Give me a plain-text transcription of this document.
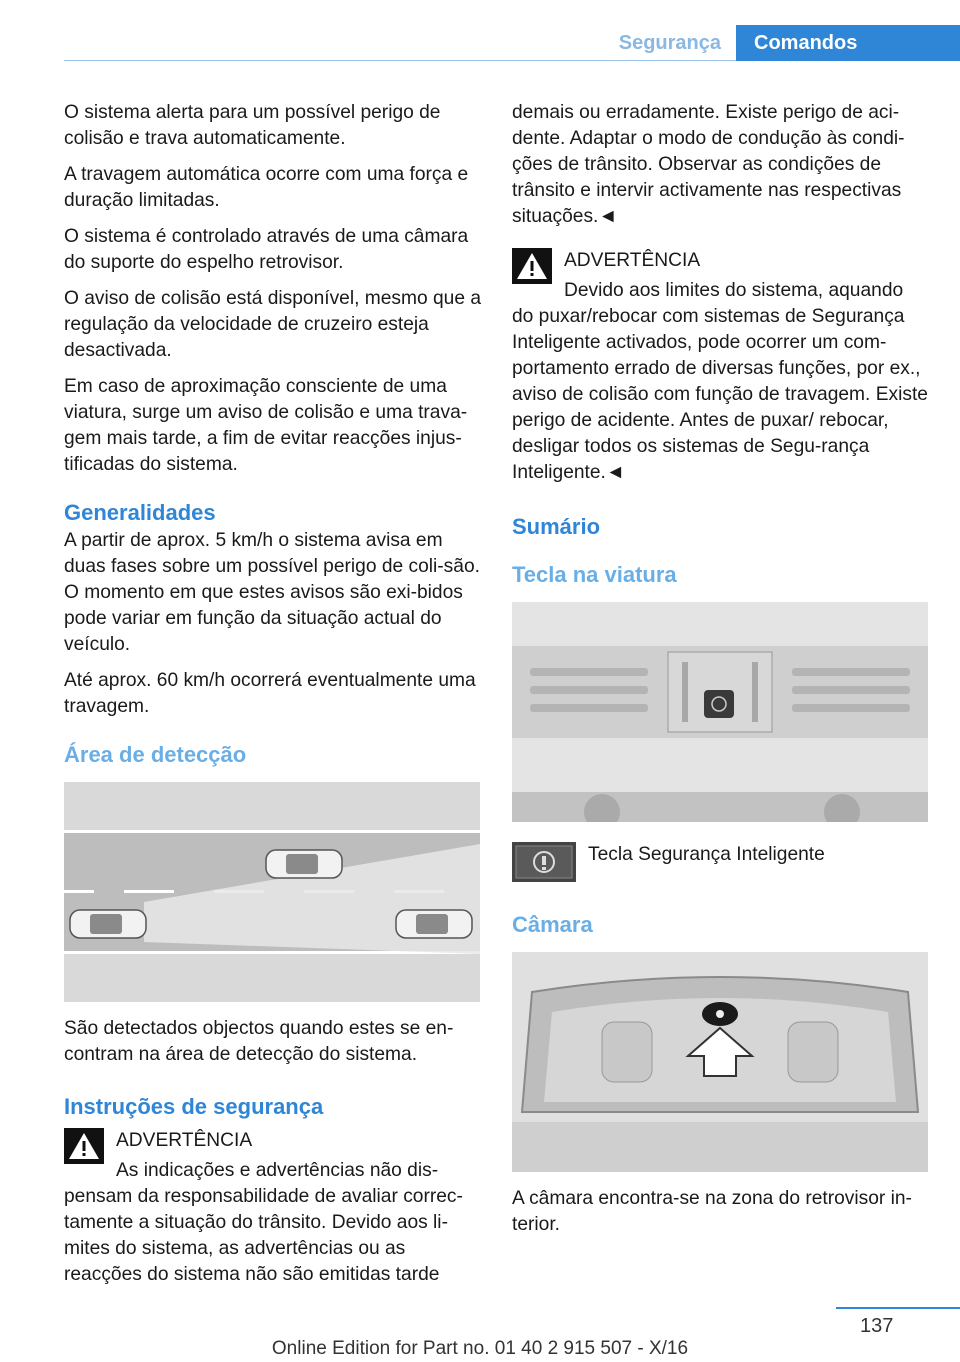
Segurança	Comandos

O sistema alerta para um possível perigo de colisão e trava automaticamente.

A travagem automática ocorre com uma força e duração limitadas.

O sistema é controlado através de uma câmara do suporte do espelho retrovisor.

O aviso de colisão está disponível, mesmo que a regulação da velocidade de cruzeiro esteja desactivada.

Em caso de aproximação consciente de uma viatura, surge um aviso de colisão e uma trava-gem mais tarde, a fim de evitar reacções injus-tificadas do sistema.

Generalidades

A partir de aprox. 5 km/h o sistema avisa em duas fases sobre um possível perigo de coli-são. O momento em que estes avisos são exi-bidos pode variar em função da situação actual do veículo.

Até aprox. 60 km/h ocorrerá eventualmente uma travagem.

Área de detecção

São detectados objectos quando estes se en-contram na área de detecção do sistema.

Instruções de segurança
ADVERTÊNCIA
As indicações e advertências não dis-
pensam da responsabilidade de avaliar correc-tamente a situação do trânsito. Devido aos li-mites do sistema, as advertências ou as reacções do sistema não são emitidas tarde

demais ou erradamente. Existe perigo de aci-dente. Adaptar o modo de condução às condi-ções de trânsito. Observar as condições de trânsito e intervir activamente nas respectivas situações.◄

ADVERTÊNCIA
Devido aos limites do sistema, aquando
do puxar/rebocar com sistemas de Segurança Inteligente activados, pode ocorrer um com-portamento errado de diversas funções, por ex., aviso de colisão com função de travagem. Existe perigo de acidente. Antes de puxar/ rebocar, desligar todos os sistemas de Segu-rança Inteligente.◄
Sumário
Tecla na viatura

Tecla Segurança Inteligente

Câmara

A câmara encontra-se na zona do retrovisor in-terior.

137
Online Edition for Part no. 01 40 2 915 507 - X/16
